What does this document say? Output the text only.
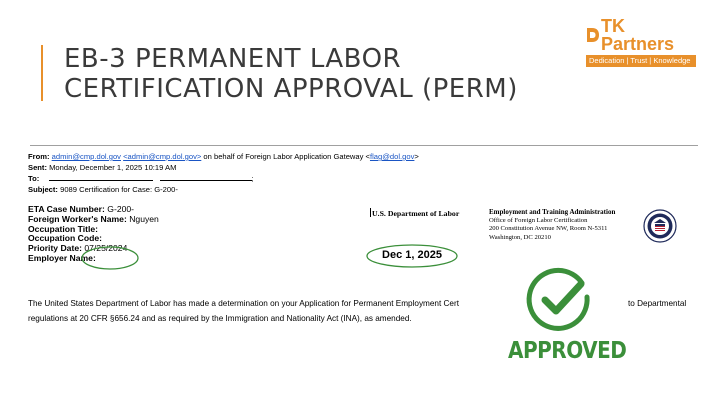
EB-3 PERMANENT LABOR
CERTIFICATION APPROVAL (PERM)
TK Partners
Dedication | Trust | Knowledge
From: admin@cmp.dol.gov <admin@cmp.dol.gov> on behalf of Foreign Labor Application Gateway <flag@dol.gov>
Sent: Monday, December 1, 2025 10:19 AM
To:	;
Subject: 9089 Certification for Case: G-200-
ETA Case Number: G-200-
Foreign Worker's Name: Nguyen
Occupation Title:
Occupation Code:
Priority Date: 07/25/2024
Employer Name:
U.S. Department of Labor	Employment and Training Administration
Office of Foreign Labor Certification
200 Constitution Avenue NW, Room N-5311
Washington, DC 20210
Dec 1, 2025
The United States Department of Labor has made a determination on your Application for Permanent Employment Cert	to Departmental
regulations at 20 CFR §656.24 and as required by the Immigration and Nationality Act (INA), as amended.
APPROVED
